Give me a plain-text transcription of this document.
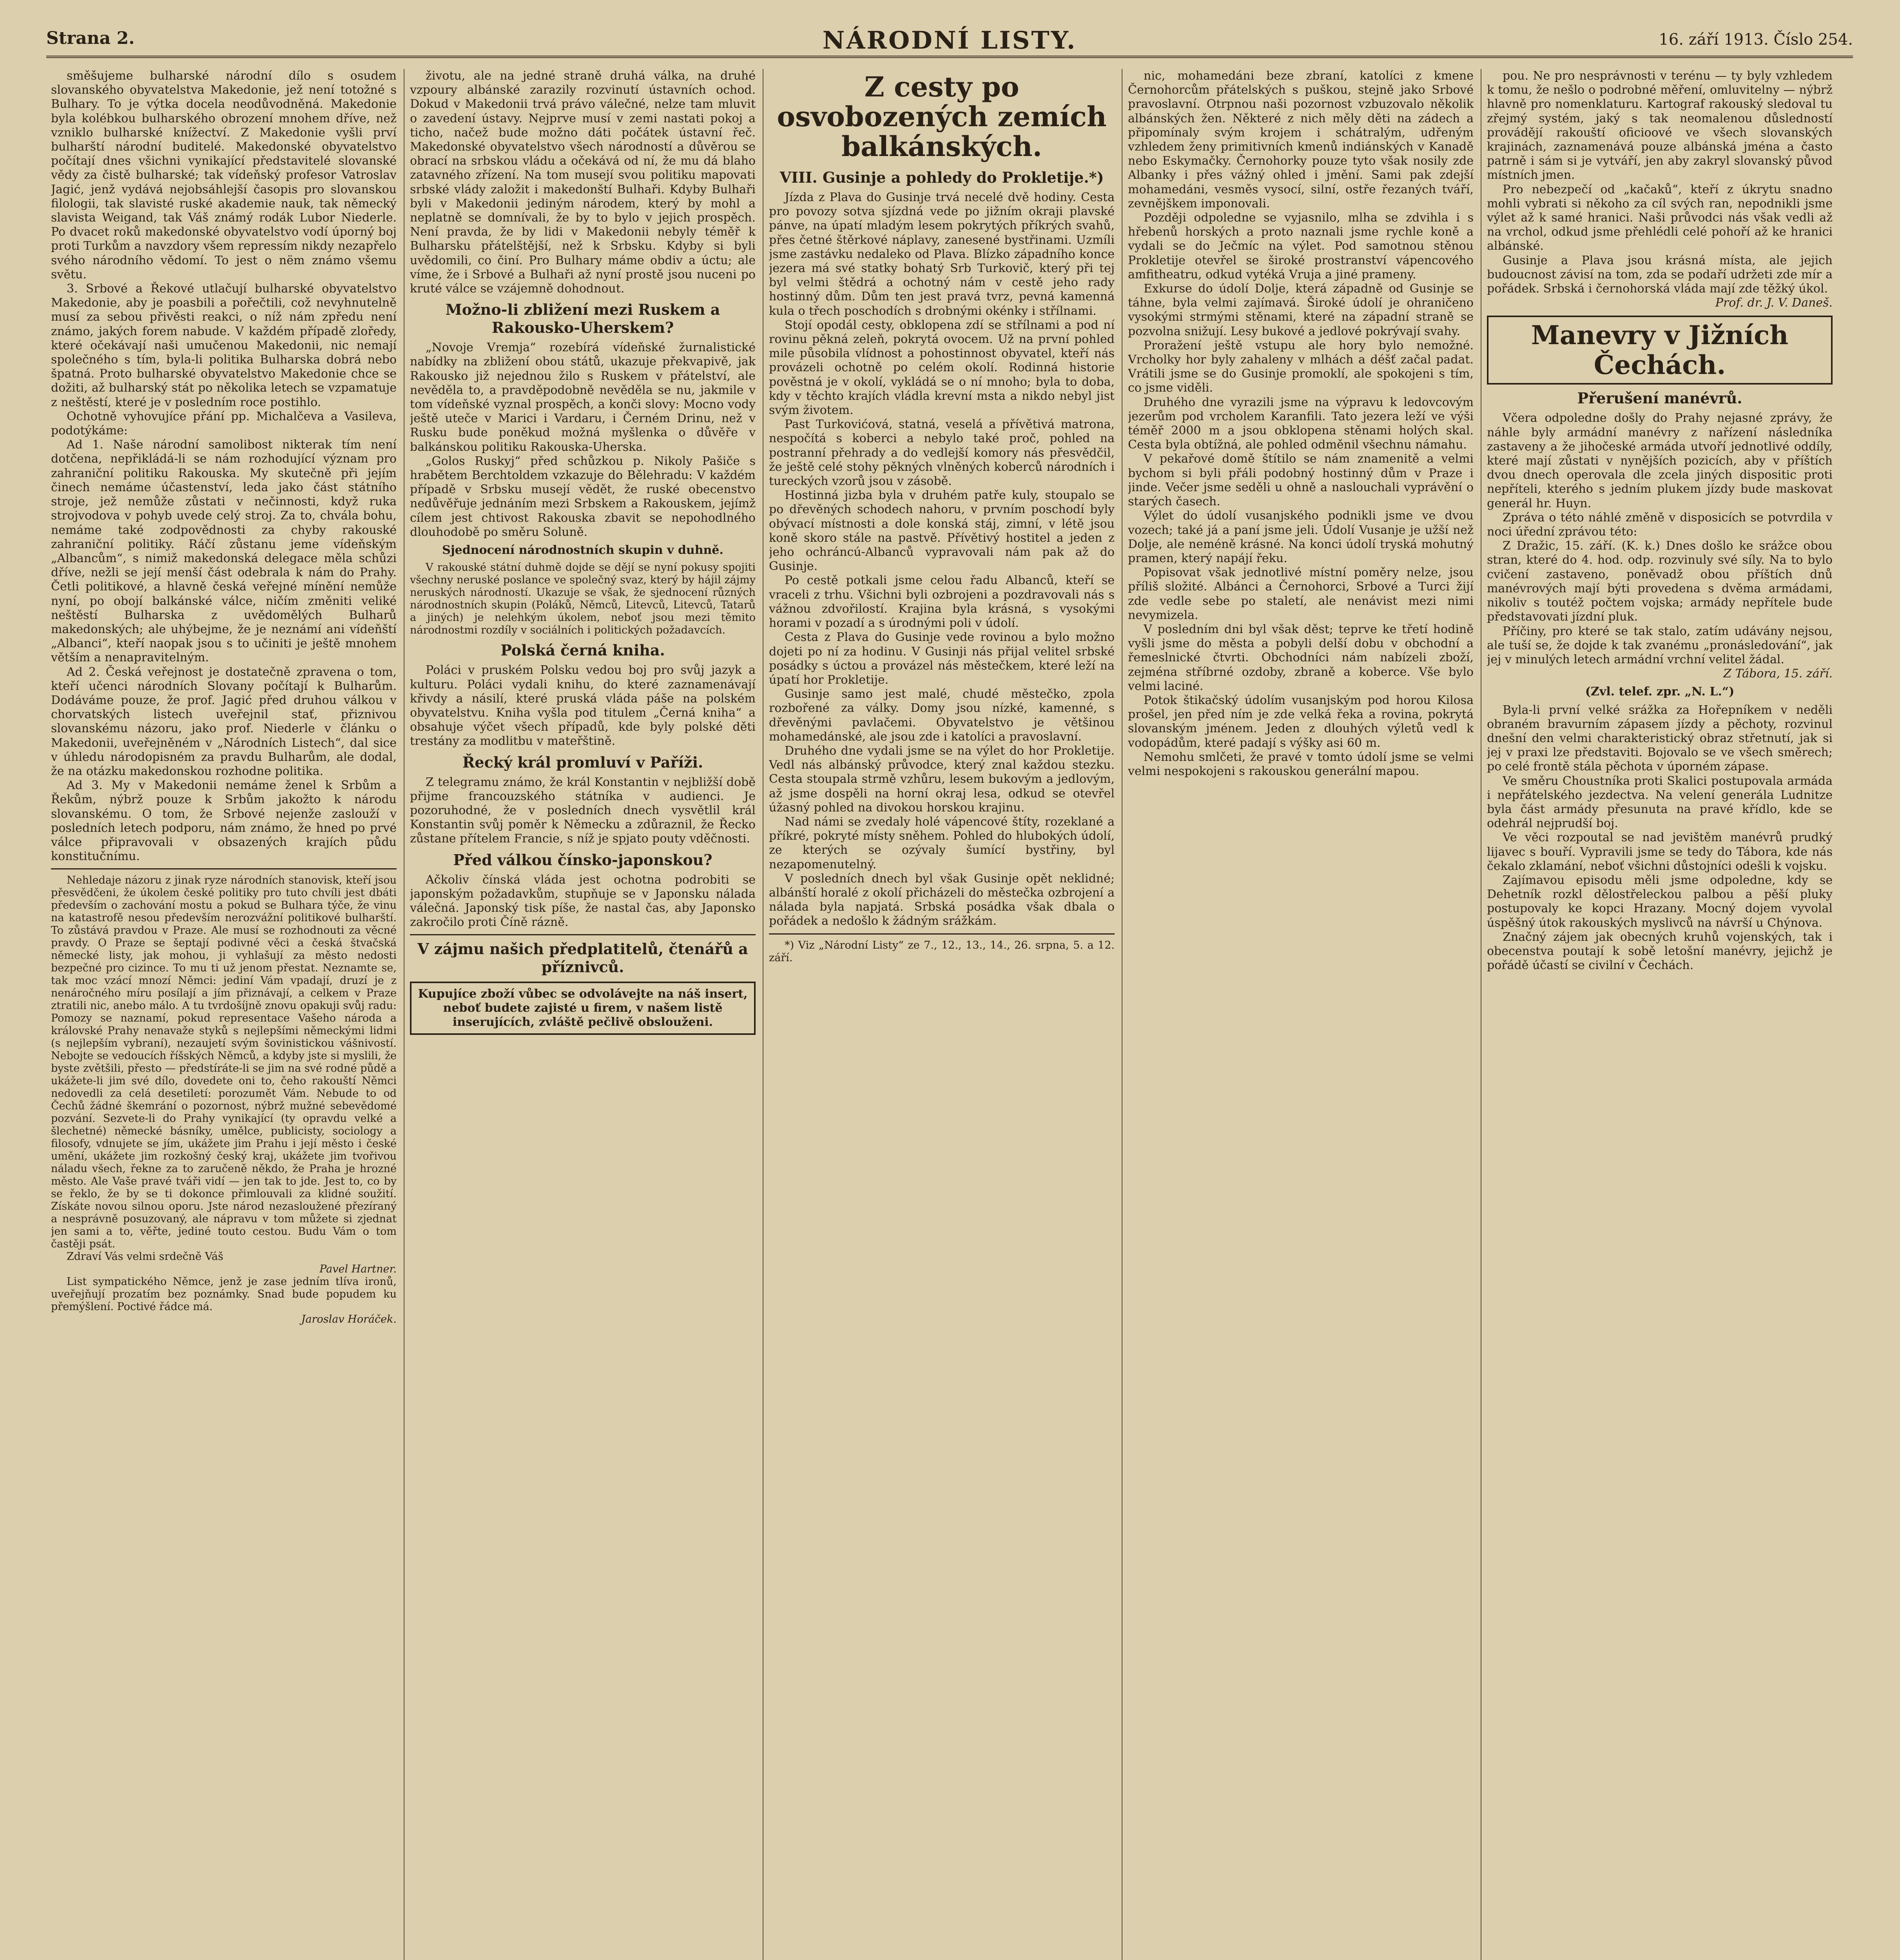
Strana 2.	NÁRODNÍ LISTY.	16. září 1913. Číslo 254.

směšujeme bulharské národní dílo s osudem slovanského obyvatelstva Makedonie, jež není totožné s Bulhary. To je výtka docela neodůvodněná. Makedonie byla kolébkou bulharského obrození mnohem dříve, než vzniklo bulharské knížectví. Z Makedonie vyšli prví bulharští národní buditelé. Makedonské obyvatelstvo počítají dnes všichni vynikající představitelé slovanské vědy za čistě bulharské; tak vídeňský profesor Vatroslav Jagić, jenž vydává nejobsáhlejší časopis pro slovanskou filologii, tak slavisté ruské akademie nauk, tak německý slavista Weigand, tak Váš známý rodák Lubor Niederle. Po dvacet roků makedonské obyvatelstvo vodí úporný boj proti Turkům a navzdory všem repressím nikdy nezapřelo svého národního vědomí. To jest o nëm známo všemu světu.

3. Srbové a Řekové utlačují bulharské obyvatelstvo Makedonie, aby je poasbili a pořečtili, což nevyhnutelně musí za sebou přivěsti reakci, o níž nám zpředu není známo, jakých forem nabude. V každém případě zloředy, které očekávají naši umučenou Makedonii, nic nemají společného s tím, byla-li politika Bulharska dobrá nebo špatná. Proto bulharské obyvatelstvo Makedonie chce se dožiti, až bulharský stát po několika letech se vzpamatuje z neštěstí, které je v posledním roce postihlo.

Ochotně vyhovujíce přání pp. Michalčeva a Vasileva, podotýkáme:

Ad 1. Naše národní samolibost nikterak tím není dotčena, nepřikládá-li se nám rozhodující význam pro zahraniční politiku Rakouska. My skutečně při jejím činech nemáme účastenství, leda jako část státního stroje, jež nemůže zůstati v nečinnosti, když ruka strojvodova v pohyb uvede celý stroj. Za to, chvála bohu, nemáme také zodpovědnosti za chyby rakouské zahraniční politiky. Ráčí zůstanu jeme vídeňským „Albancům“, s nimiž makedonská delegace měla schůzi dříve, nežli se její menší část odebrala k nám do Prahy. Četli politikové, a hlavně česká veřejné mínění nemůže nyní, po obojí balkánské válce, ničím změniti veliké neštěstí Bulharska z uvědomělých Bulharů makedonských; ale uhýbejme, že je neznámí ani vídeňští „Albanci“, kteří naopak jsou s to učiniti je ještě mnohem větším a nenapravitelným.

Ad 2. Česká veřejnost je dostatečně zpravena o tom, kteří učenci národních Slovany počítají k Bulharům. Dodáváme pouze, že prof. Jagić před druhou válkou v chorvatských listech uveřejnil stať, přiznivou slovanskému názoru, jako prof. Niederle v článku o Makedonii, uveřejněném v „Národních Listech“, dal sice v úhledu národopisném za pravdu Bulharům, ale dodal, že na otázku makedonskou rozhodne politika.

Ad 3. My v Makedonii nemáme ženel k Srbům a Řekům, nýbrž pouze k Srbům jakožto k národu slovanskému. O tom, že Srbové nejenže zaslouží v posledních letech podporu, nám známo, že hned po prvé válce připravovali v obsazených krajích půdu konstitučnímu.

Nehledaje názoru z jinak ryze národních stanovisk, kteří jsou přesvědčeni, že úkolem české politiky pro tuto chvíli jest dbáti především o zachování mostu a pokud se Bulhara týče, že vinu na katastrofě nesou především nerozvážní politikové bulharští. To zůstává pravdou v Praze. Ale musí se rozhodnouti za věcné pravdy. O Praze se šeptají podivné věci a česká štvačská německé listy, jak mohou, ji vyhlašují za město nedosti bezpečné pro cizince. To mu ti už jenom přestat. Neznamte se, tak moc vzácí mnozí Němci: jediní Vám vpadají, druzí je z nenáročného míru posílají a jím přiznávají, a celkem v Praze ztratili nic, anebo málo. A tu tvrdošíjně znovu opakuji svůj radu: Pomozy se naznamí, pokud representace Vašeho národa a královské Prahy nenavaže styků s nejlepšími německými lidmi (s nejlepším vybraní), nezaujetí svým šovinistickou vášnivostí. Nebojte se vedoucích říšských Němců, a kdyby jste si myslili, že byste zvětšili, přesto — předstíráte-li se jim na své rodné půdě a ukážete-li jim své dílo, dovedete oni to, čeho rakouští Němci nedovedli za celá desetiletí: porozumět Vám. Nebude to od Čechů žádné škemrání o pozornost, nýbrž mužné sebevědomé pozvání. Sezvete-li do Prahy vynikající (ty opravdu velké a šlechetné) německé básníky, umělce, publicisty, sociology a filosofy, vdnujete se jím, ukážete jim Prahu i její město i české umění, ukážete jim rozkošný český kraj, ukážete jim tvořivou náladu všech, řekne za to zaručeně někdo, že Praha je hrozné město. Ale Vaše pravé tváři vidí — jen tak to jde. Jest to, co by se řeklo, že by se ti dokonce přimlouvali za klidné soužití. Získáte novou silnou oporu. Jste národ nezasloužené přezíraný a nesprávně posuzovaný, ale nápravu v tom můžete si zjednat jen sami a to, věřte, jediné touto cestou. Budu Vám o tom častěji psát.

Zdraví Vás velmi srdečně Váš

Pavel Hartner.

List sympatického Němce, jenž je zase jedním tlíva ironů, uveřejňují prozatím bez poznámky. Snad bude popudem ku přemýšlení. Poctivé řádce má.

Jaroslav Horáček.

životu, ale na jedné straně druhá válka, na druhé vzpoury albánské zarazily rozvinutí ústavních ochod. Dokud v Makedonii trvá právo válečné, nelze tam mluvit o zavedení ústavy. Nejprve musí v zemi nastati pokoj a ticho, načež bude možno dáti počátek ústavní řeč. Makedonské obyvatelstvo všech národností a důvěrou se obrací na srbskou vládu a očekává od ní, že mu dá blaho zatavného zřízení. Na tom musejí svou politiku mapovati srbské vlády založit i makedonští Bulhaři. Kdyby Bulhaři byli v Makedonii jediným národem, který by mohl a neplatně se domnívali, že by to bylo v jejich prospěch. Není pravda, že by lidi v Makedonii nebyly téměř k Bulharsku přátelštější, než k Srbsku. Kdyby si byli uvědomili, co činí. Pro Bulhary máme obdiv a úctu; ale víme, že i Srbové a Bulhaři až nyní prostě jsou nuceni po kruté válce se vzájemně dohodnout.

Možno-li zbližení mezi Ruskem a Rakousko-Uherskem?

„Novoje Vremja“ rozebírá vídeňské žurnalistické nabídky na zbližení obou států, ukazuje překvapivě, jak Rakousko již nejednou žilo s Ruskem v přátelství, ale nevěděla to, a pravděpodobně nevěděla se nu, jakmile v tom vídeňské vyznal prospěch, a konči slovy: Mocno vody ještě uteče v Marici i Vardaru, i Černém Drinu, než v Rusku bude poněkud možná myšlenka o důvěře v balkánskou politiku Rakouska-Uherska.

„Golos Ruskyj“ před schůzkou p. Nikoly Pašiče s hrabětem Berchtoldem vzkazuje do Bělehradu: V každém případě v Srbsku musejí vědět, že ruské obecenstvo nedůvěřuje jednáním mezi Srbskem a Rakouskem, jejímž cílem jest chtivost Rakouska zbavit se nepohodlného dlouhodobě po směru Soluně.

Sjednocení národnostních skupin v duhně.

V rakouské státní duhmě dojde se dějí se nyní pokusy spojiti všechny neruské poslance ve společný svaz, který by hájil zájmy neruských národností. Ukazuje se však, že sjednocení různých národnostních skupin (Poláků, Němců, Litevců, Litevců, Tatarů a jiných) je nelehkým úkolem, neboť jsou mezi těmito národnostmi rozdíly v sociálních i politických požadavcích.

Polská černá kniha.

Poláci v pruském Polsku vedou boj pro svůj jazyk a kulturu. Poláci vydali knihu, do které zaznamenávají křivdy a násilí, které pruská vláda páše na polském obyvatelstvu. Kniha vyšla pod titulem „Černá kniha“ a obsahuje výčet všech případů, kde byly polské děti trestány za modlitbu v mateřštině.

Řecký král promluví v Paříži.

Z telegramu známo, že král Konstantin v nejbližší době přijme francouzského státníka v audienci. Je pozoruhodné, že v posledních dnech vysvětlil král Konstantin svůj poměr k Německu a zdůraznil, že Řecko zůstane přítelem Francie, s níž je spjato pouty vděčnosti.

Před válkou čínsko-japonskou?

Ačkoliv čínská vláda jest ochotna podrobiti se japonským požadavkům, stupňuje se v Japonsku nálada válečná. Japonský tisk píše, že nastal čas, aby Japonsko zakročilo proti Číně rázně.

V zájmu našich předplatitelů, čtenářů a příznivců.
Kupujíce zboží vůbec se odvolávejte na náš insert, neboť budete zajisté u firem, v našem listě inserujících, zvláště pečlivě obslouženi.
Z cesty po osvobozených zemích balkánských.
VIII. Gusinje a pohledy do Prokletije.*)

Jízda z Plava do Gusinje trvá necelé dvě hodiny. Cesta pro povozy sotva sjízdná vede po jižním okraji plavské pánve, na úpatí mladým lesem pokrytých příkrých svahů, přes četné štěrkové náplavy, zanesené bystřinami. Uzmíli jsme zastávku nedaleko od Plava. Blízko západního konce jezera má své statky bohatý Srb Turkovič, který při tej byl velmi štědrá a ochotný nám v cestě jeho rady hostinný dům. Dům ten jest pravá tvrz, pevná kamenná kula o třech poschodích s drobnými okénky i střílnami.

Stojí opodál cesty, obklopena zdí se střílnami a pod ní rovinu pěkná zeleň, pokrytá ovocem. Už na první pohled mile působila vlídnost a pohostinnost obyvatel, kteří nás provázeli ochotně po celém okolí. Rodinná historie pověstná je v okolí, vykládá se o ní mnoho; byla to doba, kdy v těchto krajích vládla krevní msta a nikdo nebyl jist svým životem.

Past Turkovićová, statná, veselá a přívětivá matrona, nespočítá s koberci a nebylo také proč, pohled na postranní přehrady a do vedlejší komory nás přesvědčil, že ještě celé stohy pěkných vlněných koberců národních i tureckých vzorů jsou v zásobě.

Hostinná jizba byla v druhém patře kuly, stoupalo se po dřevěných schodech nahoru, v prvním poschodí byly obývací místnosti a dole konská stáj, zimní, v létě jsou koně skoro stále na pastvě. Přívětivý hostitel a jeden z jeho ochráncú-Albanců vypravovali nám pak až do Gusinje.

Po cestě potkali jsme celou řadu Albanců, kteří se vraceli z trhu. Všichni byli ozbrojeni a pozdravovali nás s vážnou zdvořilostí. Krajina byla krásná, s vysokými horami v pozadí a s úrodnými poli v údolí.

Cesta z Plava do Gusinje vede rovinou a bylo možno dojeti po ní za hodinu. V Gusinji nás přijal velitel srbské posádky s úctou a provázel nás městečkem, které leží na úpatí hor Prokletije.

Gusinje samo jest malé, chudé městečko, zpola rozbořené za války. Domy jsou nízké, kamenné, s dřevěnými pavlačemi. Obyvatelstvo je většinou mohamedánské, ale jsou zde i katolíci a pravoslavní.

Druhého dne vydali jsme se na výlet do hor Prokletije. Vedl nás albánský průvodce, který znal každou stezku. Cesta stoupala strmě vzhůru, lesem bukovým a jedlovým, až jsme dospěli na horní okraj lesa, odkud se otevřel úžasný pohled na divokou horskou krajinu.

Nad námi se zvedaly holé vápencové štíty, rozeklané a příkré, pokryté místy sněhem. Pohled do hlubokých údolí, ze kterých se ozývaly šumící bystřiny, byl nezapomenutelný.

V posledních dnech byl však Gusinje opět neklidné; albánští horalé z okolí přicházeli do městečka ozbrojení a nálada byla napjatá. Srbská posádka však dbala o pořádek a nedošlo k žádným srážkám.

*) Viz „Národní Listy“ ze 7., 12., 13., 14., 26. srpna, 5. a 12. září.

nic, mohamedáni beze zbraní, katolíci z kmene Černohorcům přátelských s puškou, stejně jako Srbové pravoslavní. Otrpnou naši pozornost vzbuzovalo několik albánských žen. Některé z nich měly děti na zádech a připomínaly svým krojem i schátralým, udřeným vzhledem ženy primitivních kmenů indiánských v Kanadě nebo Eskymačky. Černohorky pouze tyto však nosily zde Albanky i přes vážný ohled i jmění. Sami pak zdejší mohamedáni, vesměs vysocí, silní, ostře řezaných tváří, zevnějškem imponovali.

Později odpoledne se vyjasnilo, mlha se zdvihla i s hřebenů horských a proto naznali jsme rychle koně a vydali se do Ječmíc na výlet. Pod samotnou stěnou Prokletije otevřel se široké prostranství vápencového amfitheatru, odkud vytéká Vruja a jiné prameny.

Exkurse do údolí Dolje, která západně od Gusinje se táhne, byla velmi zajímavá. Široké údolí je ohraničeno vysokými strmými stěnami, které na západní straně se pozvolna snižují. Lesy bukové a jedlové pokrývají svahy.

Proražení ještě vstupu ale hory bylo nemožné. Vrcholky hor byly zahaleny v mlhách a déšť začal padat. Vrátili jsme se do Gusinje promoklí, ale spokojeni s tím, co jsme viděli.

Druhého dne vyrazili jsme na výpravu k ledovcovým jezerům pod vrcholem Karanfili. Tato jezera leží ve výši téměř 2000 m a jsou obklopena stěnami holých skal. Cesta byla obtížná, ale pohled odměnil všechnu námahu.

V pekařové domě štítilo se nám znamenitě a velmi bychom si byli přáli podobný hostinný dům v Praze i jinde. Večer jsme seděli u ohně a naslouchali vyprávění o starých časech.

Výlet do údolí vusanjského podnikli jsme ve dvou vozech; také já a paní jsme jeli. Údolí Vusanje je užší než Dolje, ale neméně krásné. Na konci údolí tryská mohutný pramen, který napájí řeku.

Popisovat však jednotlivé místní poměry nelze, jsou příliš složité. Albánci a Černohorci, Srbové a Turci žijí zde vedle sebe po staletí, ale nenávist mezi nimi nevymizela.

V posledním dni byl však děst; teprve ke třetí hodině vyšli jsme do města a pobyli delší dobu v obchodní a řemeslnické čtvrti. Obchodníci nám nabízeli zboží, zejména stříbrné ozdoby, zbraně a koberce. Vše bylo velmi laciné.

Potok štikačský údolím vusanjským pod horou Kilosa prošel, jen před ním je zde velká řeka a rovina, pokrytá slovanským jménem. Jeden z dlouhých výletů vedl k vodopádům, které padají s výšky asi 60 m.

Nemohu smlčeti, že pravé v tomto údolí jsme se velmi velmi nespokojeni s rakouskou generální mapou.

pou. Ne pro nesprávnosti v terénu — ty byly vzhledem k tomu, že nešlo o podrobné měření, omluvitelny — nýbrž hlavně pro nomenklaturu. Kartograf rakouský sledoval tu zřejmý systém, jaký s tak neomalenou důsledností provádějí rakouští oficioové ve všech slovanských krajinách, zaznamenává pouze albánská jména a často patrně i sám si je vytváří, jen aby zakryl slovanský původ místních jmen.

Pro nebezpečí od „kačaků“, kteří z úkrytu snadno mohli vybrati si někoho za cíl svých ran, nepodnikli jsme výlet až k samé hranici. Naši průvodci nás však vedli až na vrchol, odkud jsme přehlédli celé pohoří až ke hranici albánské.

Gusinje a Plava jsou krásná místa, ale jejich budoucnost závisí na tom, zda se podaří udržeti zde mír a pořádek. Srbská i černohorská vláda mají zde těžký úkol.

Prof. dr. J. V. Daneš.
Manevry v Jižních Čechách.
Přerušení manévrů.

Včera odpoledne došly do Prahy nejasné zprávy, že náhle byly armádní manévry z nařízení následníka zastaveny a že jihočeské armáda utvoří jednotlivé oddíly, které mají zůstati v nynějších pozicích, aby v příštích dvou dnech operovala dle zcela jiných dispositic proti nepříteli, kterého s jedním plukem jízdy bude maskovat generál hr. Huyn.

Zpráva o této náhlé změně v disposicích se potvrdila v noci úřední zprávou této:

Z Dražic, 15. září. (K. k.) Dnes došlo ke srážce obou stran, které do 4. hod. odp. rozvinuly své síly. Na to bylo cvičení zastaveno, poněvadž obou příštích dnů manévrových mají býti provedena s dvěma armádami, nikoliv s toutéž počtem vojska; armády nepřítele bude představovati jízdní pluk.

Příčiny, pro které se tak stalo, zatím udávány nejsou, ale tuší se, že dojde k tak zvanému „pronásledování“, jak jej v minulých letech armádní vrchní velitel žádal.

Z Tábora, 15. září.
(Zvl. telef. zpr. „N. L.“)

Byla-li první velké srážka za Hořepníkem v neděli obraném bravurním zápasem jízdy a pěchoty, rozvinul dnešní den velmi charakteristický obraz střetnutí, jak si jej v praxi lze představiti. Bojovalo se ve všech směrech; po celé frontě stála pěchota v úporném zápase.

Ve směru Choustníka proti Skalici postupovala armáda i nepřátelského jezdectva. Na velení generála Ludnitze byla část armády přesunuta na pravé křídlo, kde se odehrál nejprudší boj.

Ve věci rozpoutal se nad jevištěm manévrů prudký lijavec s bouří. Vypravili jsme se tedy do Tábora, kde nás čekalo zklamání, neboť všichni důstojníci odešli k vojsku.

Zajímavou episodu měli jsme odpoledne, kdy se Dehetník rozkl dělostřeleckou palbou a pěší pluky postupovaly ke kopci Hrazany. Mocný dojem vyvolal úspěšný útok rakouských myslivců na návrší u Chýnova.

Značný zájem jak obecných kruhů vojenských, tak i obecenstva poutají k sobě letošní manévry, jejichž je pořádě účastí se civilní v Čechách.
